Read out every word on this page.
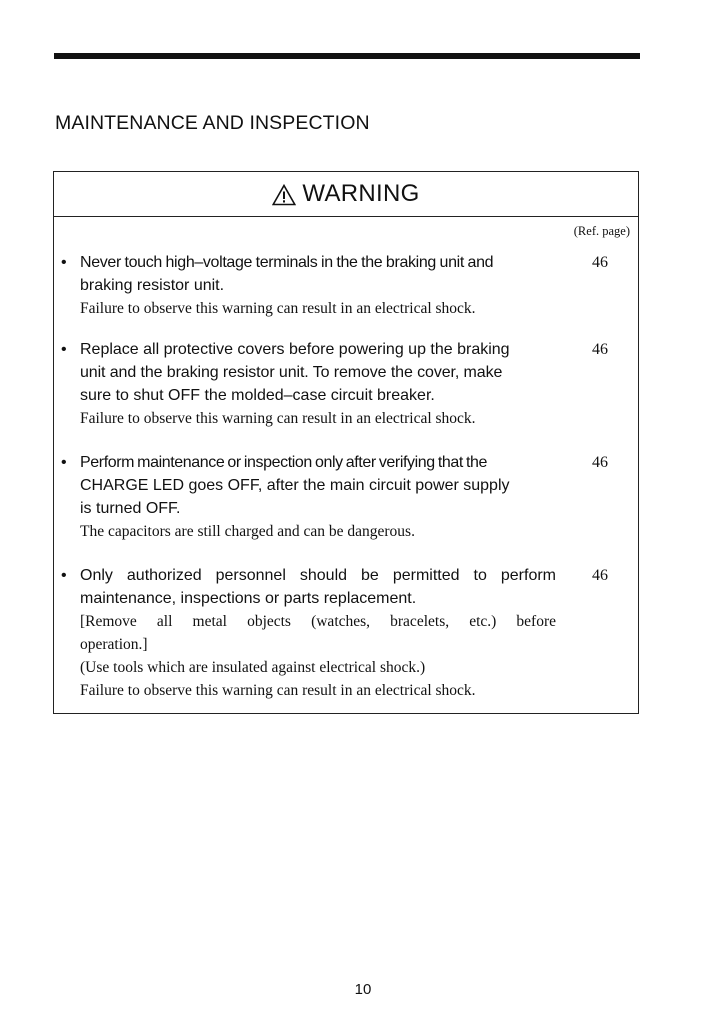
MAINTENANCE AND INSPECTION
WARNING
(Ref. page)
• Never touch high–voltage terminals in the the braking unit and
braking resistor unit.
Failure to observe this warning can result in an electrical shock.
46
• Replace all protective covers before powering up the braking
unit and the braking resistor unit. To remove the cover, make
sure to shut OFF the molded–case circuit breaker.
Failure to observe this warning can result in an electrical shock.
46
• Perform maintenance or inspection only after verifying that the
CHARGE LED goes OFF, after the main circuit power supply
is turned OFF.
The capacitors are still charged and can be dangerous.
46
• Only authorized personnel should be permitted to perform
maintenance, inspections or parts replacement.
[Remove all metal objects (watches, bracelets, etc.) before
operation.]
(Use tools which are insulated against electrical shock.)
Failure to observe this warning can result in an electrical shock.
46
10
